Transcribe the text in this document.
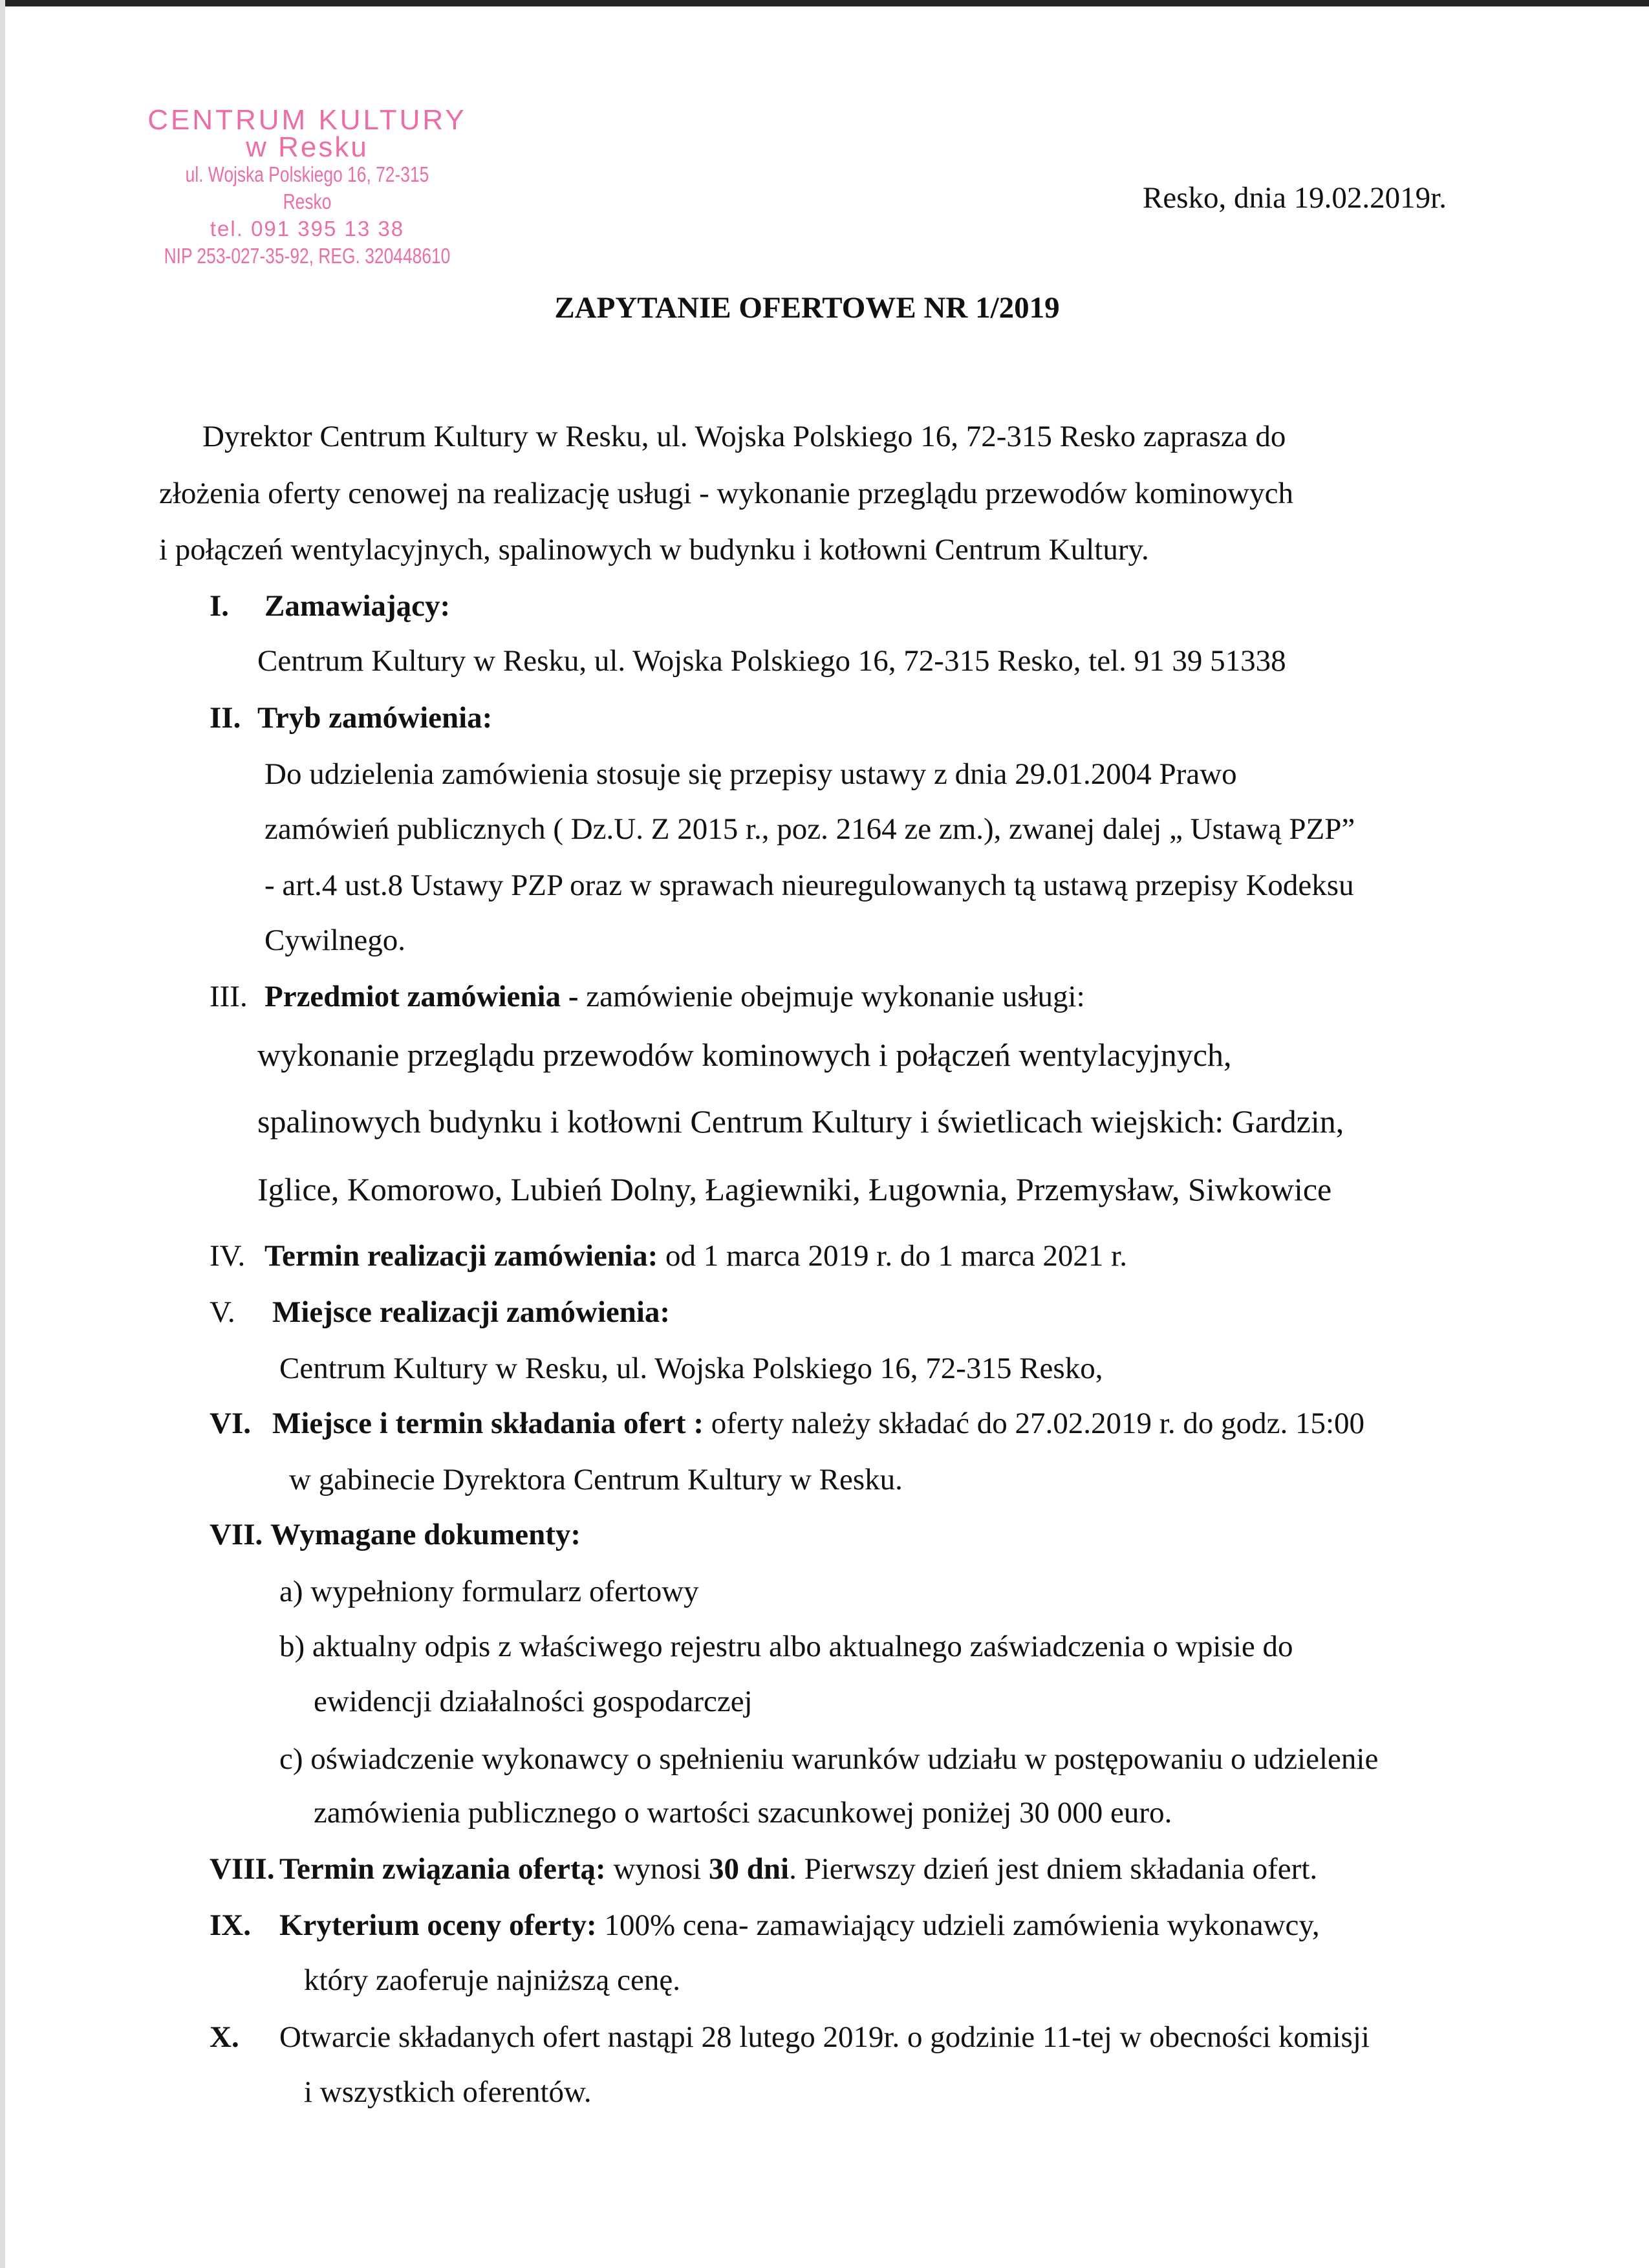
CENTRUM KULTURY
w Resku
ul. Wojska Polskiego 16, 72-315 Resko
tel. 091 395 13 38
NIP 253-027-35-92, REG. 320448610
Resko, dnia 19.02.2019r.
ZAPYTANIE OFERTOWE NR 1/2019
Dyrektor Centrum Kultury w Resku, ul. Wojska Polskiego 16, 72-315 Resko zaprasza do
złożenia oferty cenowej na realizację usługi - wykonanie przeglądu przewodów kominowych
i połączeń wentylacyjnych, spalinowych w budynku i kotłowni Centrum Kultury.
I. Zamawiający:
Centrum Kultury w Resku, ul. Wojska Polskiego 16, 72-315 Resko, tel. 91 39 51338
II. Tryb zamówienia:
Do udzielenia zamówienia stosuje się przepisy ustawy z dnia 29.01.2004 Prawo
zamówień publicznych ( Dz.U. Z 2015 r., poz. 2164 ze zm.), zwanej dalej „ Ustawą PZP”
- art.4 ust.8 Ustawy PZP oraz w sprawach nieuregulowanych tą ustawą przepisy Kodeksu
Cywilnego.
III. Przedmiot zamówienia - zamówienie obejmuje wykonanie usługi:
wykonanie przeglądu przewodów kominowych i połączeń wentylacyjnych,
spalinowych budynku i kotłowni Centrum Kultury i świetlicach wiejskich: Gardzin,
Iglice, Komorowo, Lubień Dolny, Łagiewniki, Ługownia, Przemysław, Siwkowice
IV. Termin realizacji zamówienia: od 1 marca 2019 r. do 1 marca 2021 r.
V. Miejsce realizacji zamówienia:
Centrum Kultury w Resku, ul. Wojska Polskiego 16, 72-315 Resko,
VI. Miejsce i termin składania ofert : oferty należy składać do 27.02.2019 r. do godz. 15:00
w gabinecie Dyrektora Centrum Kultury w Resku.
VII. Wymagane dokumenty:
a) wypełniony formularz ofertowy
b) aktualny odpis z właściwego rejestru albo aktualnego zaświadczenia o wpisie do
ewidencji działalności gospodarczej
c) oświadczenie wykonawcy o spełnieniu warunków udziału w postępowaniu o udzielenie
zamówienia publicznego o wartości szacunkowej poniżej 30 000 euro.
VIII. Termin związania ofertą: wynosi 30 dni. Pierwszy dzień jest dniem składania ofert.
IX. Kryterium oceny oferty: 100% cena- zamawiający udzieli zamówienia wykonawcy,
który zaoferuje najniższą cenę.
X. Otwarcie składanych ofert nastąpi 28 lutego 2019r. o godzinie 11-tej w obecności komisji
i wszystkich oferentów.
